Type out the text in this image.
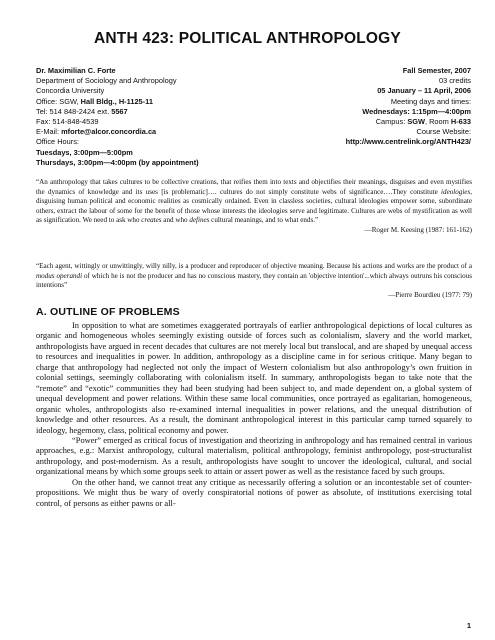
ANTH 423: POLITICAL ANTHROPOLOGY
Dr. Maximilian C. Forte
Department of Sociology and Anthropology
Concordia University
Office: SGW, Hall Bldg., H-1125-11
Tel: 514 848-2424 ext. 5567
Fax: 514-848-4539
E-Mail: mforte@alcor.concordia.ca
Office Hours:
Tuesdays, 3:00pm—5:00pm
Thursdays, 3:00pm—4:00pm (by appointment)
Fall Semester, 2007
03 credits
05 January – 11 April, 2006
Meeting days and times:
Wednesdays: 1:15pm—4:00pm
Campus: SGW, Room H-633
Course Website:
http://www.centrelink.org/ANTH423/

“An anthropology that takes cultures to be collective creations, that reifies them into texts and objectifies their meanings, disguises and even mystifies the dynamics of knowledge and its uses [is problematic]…. cultures do not simply constitute webs of significance….They constitute ideologies, disguising human political and economic realities as cosmically ordained. Even in classless societies, cultural ideologies empower some, subordinate others, extract the labour of some for the benefit of those whose interests the ideologies serve and legitimate. Cultures are webs of mystification as well as signification. We need to ask who creates and who defines cultural meanings, and to what ends.”

—Roger M. Keesing (1987: 161-162)

“Each agent, wittingly or unwittingly, willy nilly, is a producer and reproducer of objective meaning. Because his actions and works are the product of a modus operandi of which he is not the producer and has no conscious mastery, they contain an 'objective intention'...which always outruns his conscious intentions”

—Pierre Bourdieu (1977: 79)

A. OUTLINE OF PROBLEMS

In opposition to what are sometimes exaggerated portrayals of earlier anthropological depictions of local cultures as organic and homogeneous wholes seemingly existing outside of forces such as colonialism, slavery and the world market, anthropologists have argued in recent decades that cultures are not merely local but translocal, and are shaped by unequal access to resources and inequalities in power. In addition, anthropology as a discipline came in for serious critique. Many began to charge that anthropology had neglected not only the impact of Western colonialism but also anthropology’s own fruition in colonial settings, seemingly collaborating with colonialism itself. In summary, anthropologists began to take note that the “remote” and “exotic” communities they had been studying had been subject to, and made dependent on, a global system of unequal development and power relations. Within these same local communities, once portrayed as egalitarian, homogeneous, organic wholes, anthropologists also re-examined internal inequalities in power relations, and the unequal distribution of knowledge and other resources. As a result, the dominant anthropological interest in this particular camp turned squarely to ideology, hegemony, class, political economy and power.

“Power” emerged as critical focus of investigation and theorizing in anthropology and has remained central in various approaches, e.g.: Marxist anthropology, cultural materialism, political anthropology, feminist anthropology, post-structuralist anthropology, and post-modernism. As a result, anthropologists have sought to uncover the ideological, cultural, and social organizational means by which some groups seek to attain or assert power as well as the resistance faced by such groups.

On the other hand, we cannot treat any critique as necessarily offering a solution or an incontestable set of counter-propositions. We might thus be wary of overly conspiratorial notions of power as absolute, of institutions exercising total control, of persons as either pawns or all-

1
